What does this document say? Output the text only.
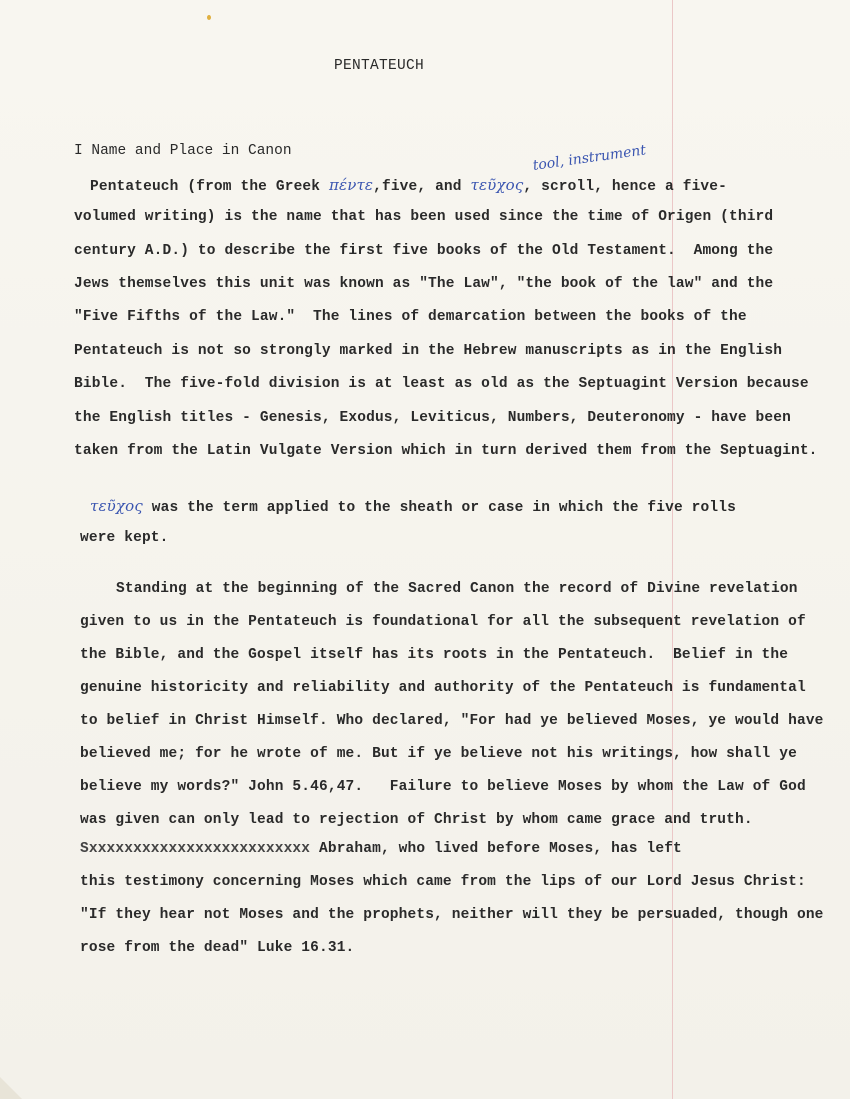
PENTATEUCH
I Name and Place in Canon	tool, instrument
Pentateuch (from the Greek πέντε,five, and τεῦχος, scroll, hence a five-
volumed writing) is the name that has been used since the time of Origen (third
century A.D.) to describe the first five books of the Old Testament.  Among the
Jews themselves this unit was known as "The Law", "the book of the law" and the
"Five Fifths of the Law."  The lines of demarcation between the books of the
Pentateuch is not so strongly marked in the Hebrew manuscripts as in the English
Bible.  The five-fold division is at least as old as the Septuagint Version because
the English titles - Genesis, Exodus, Leviticus, Numbers, Deuteronomy - have been
taken from the Latin Vulgate Version which in turn derived them from the Septuagint.
τεῦχος was the term applied to the sheath or case in which the five rolls
were kept.
Standing at the beginning of the Sacred Canon the record of Divine revelation
given to us in the Pentateuch is foundational for all the subsequent revelation of
the Bible, and the Gospel itself has its roots in the Pentateuch.  Belief in the
genuine historicity and reliability and authority of the Pentateuch is fundamental
to belief in Christ Himself. Who declared, "For had ye believed Moses, ye would have
believed me; for he wrote of me. But if ye believe not his writings, how shall ye
believe my words?" John 5.46,47.   Failure to believe Moses by whom the Law of God
was given can only lead to rejection of Christ by whom came grace and truth.
Sxxxxxxxxxxxxxxxxxxxxxxxxx Abraham, who lived before Moses, has left
this testimony concerning Moses which came from the lips of our Lord Jesus Christ:
"If they hear not Moses and the prophets, neither will they be persuaded, though one
rose from the dead" Luke 16.31.
